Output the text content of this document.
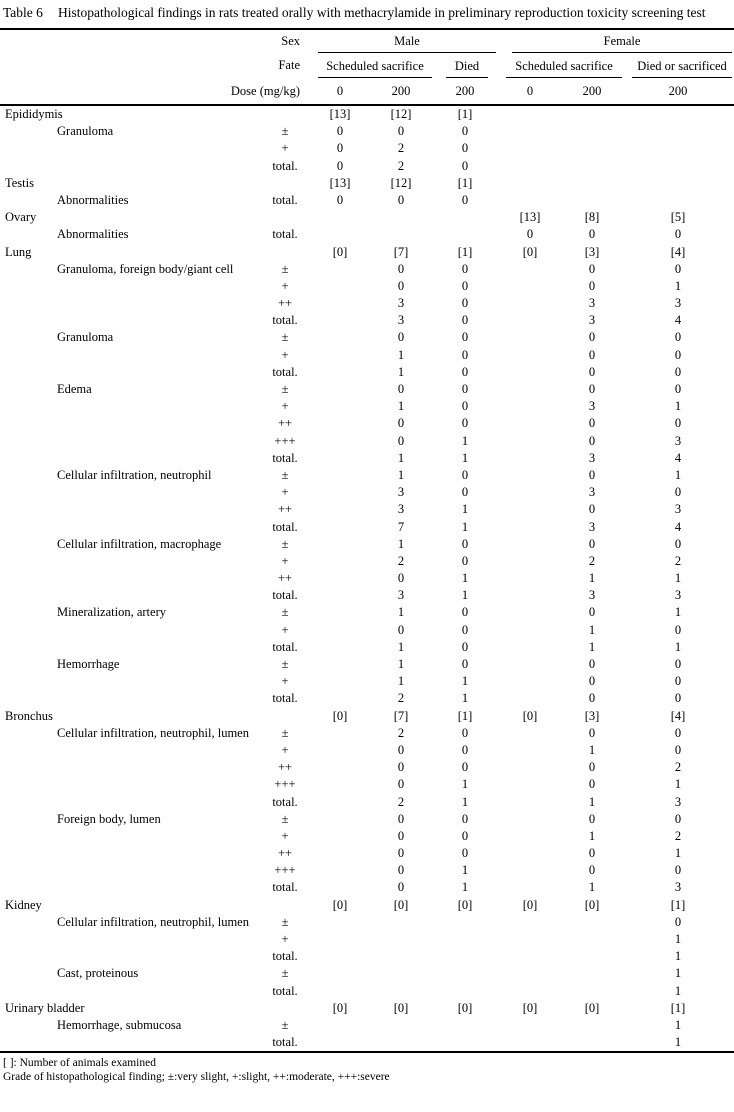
Table 6	Histopathological findings in rats treated orally with methacrylamide in preliminary reproduction toxicity screening test
Sex		Male			Female		

Fate		Scheduled sacrifice		Died	Scheduled sacrifice		Died or sacrificed

Dose (mg/kg)		0	200	200	0	200	200
Epididymis		[13]	[12]	[1]			
Granuloma	±	0	0	0			
	+	0	2	0			
	total.	0	2	0			
Testis		[13]	[12]	[1]			
Abnormalities	total.	0	0	0			
Ovary					[13]	[8]	[5]
Abnormalities	total.				0	0	0
Lung		[0]	[7]	[1]	[0]	[3]	[4]
Granuloma, foreign body/giant cell	±		0	0		0	0
	+		0	0		0	1
	++		3	0		3	3
	total.		3	0		3	4
Granuloma	±		0	0		0	0
	+		1	0		0	0
	total.		1	0		0	0
Edema	±		0	0		0	0
	+		1	0		3	1
	++		0	0		0	0
	+++		0	1		0	3
	total.		1	1		3	4
Cellular infiltration, neutrophil	±		1	0		0	1
	+		3	0		3	0
	++		3	1		0	3
	total.		7	1		3	4
Cellular infiltration, macrophage	±		1	0		0	0
	+		2	0		2	2
	++		0	1		1	1
	total.		3	1		3	3
Mineralization, artery	±		1	0		0	1
	+		0	0		1	0
	total.		1	0		1	1
Hemorrhage	±		1	0		0	0
	+		1	1		0	0
	total.		2	1		0	0
Bronchus		[0]	[7]	[1]	[0]	[3]	[4]
Cellular infiltration, neutrophil, lumen	±		2	0		0	0
	+		0	0		1	0
	++		0	0		0	2
	+++		0	1		0	1
	total.		2	1		1	3
Foreign body, lumen	±		0	0		0	0
	+		0	0		1	2
	++		0	0		0	1
	+++		0	1		0	0
	total.		0	1		1	3
Kidney		[0]	[0]	[0]	[0]	[0]	[1]
Cellular infiltration, neutrophil, lumen	±						0
	+						1
	total.						1
Cast, proteinous	±						1
	total.						1
Urinary bladder		[0]	[0]	[0]	[0]	[0]	[1]
Hemorrhage, submucosa	±						1
	total.						1
[ ]: Number of animals examined
Grade of histopathological finding; ±:very slight, +:slight, ++:moderate, +++:severe
